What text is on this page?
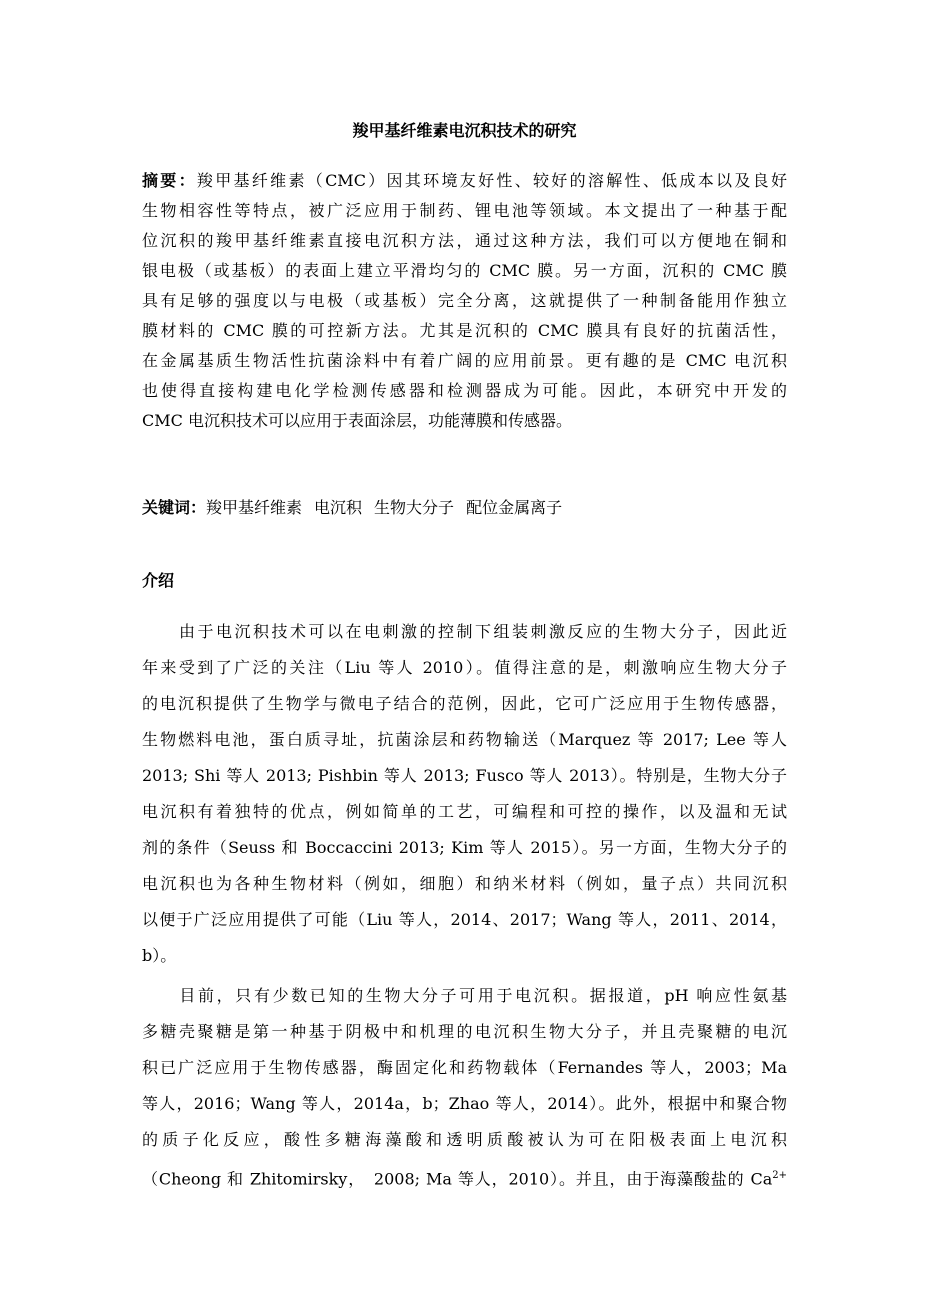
羧甲基纤维素电沉积技术的研究
摘要：羧甲基纤维素（CMC）因其环境友好性、较好的溶解性、低成本以及良好
生物相容性等特点，被广泛应用于制药、锂电池等领域。本文提出了一种基于配
位沉积的羧甲基纤维素直接电沉积方法，通过这种方法，我们可以方便地在铜和
银电极（或基板）的表面上建立平滑均匀的 CMC 膜。另一方面，沉积的 CMC 膜
具有足够的强度以与电极（或基板）完全分离，这就提供了一种制备能用作独立
膜材料的 CMC 膜的可控新方法。尤其是沉积的 CMC 膜具有良好的抗菌活性，
在金属基质生物活性抗菌涂料中有着广阔的应用前景。更有趣的是 CMC 电沉积
也使得直接构建电化学检测传感器和检测器成为可能。因此，本研究中开发的
CMC 电沉积技术可以应用于表面涂层，功能薄膜和传感器。
关键词：羧甲基纤维素 电沉积 生物大分子 配位金属离子
介绍
　　由于电沉积技术可以在电刺激的控制下组装刺激反应的生物大分子，因此近
年来受到了广泛的关注（Liu 等人 2010）。值得注意的是，刺激响应生物大分子
的电沉积提供了生物学与微电子结合的范例，因此，它可广泛应用于生物传感器，
生物燃料电池，蛋白质寻址，抗菌涂层和药物输送（Marquez 等 2017; Lee 等人
2013; Shi 等人 2013; Pishbin 等人 2013; Fusco 等人 2013）。特别是，生物大分子
电沉积有着独特的优点，例如简单的工艺，可编程和可控的操作，以及温和无试
剂的条件（Seuss 和 Boccaccini 2013; Kim 等人 2015）。另一方面，生物大分子的
电沉积也为各种生物材料（例如，细胞）和纳米材料（例如，量子点）共同沉积
以便于广泛应用提供了可能（Liu 等人，2014、2017；Wang 等人，2011、2014，
b）。
　　目前，只有少数已知的生物大分子可用于电沉积。据报道，pH 响应性氨基
多糖壳聚糖是第一种基于阴极中和机理的电沉积生物大分子，并且壳聚糖的电沉
积已广泛应用于生物传感器，酶固定化和药物载体（Fernandes 等人，2003；Ma
等人，2016；Wang 等人，2014a，b；Zhao 等人，2014）。此外，根据中和聚合物
的质子化反应，酸性多糖海藻酸和透明质酸被认为可在阳极表面上电沉积
（Cheong 和 Zhitomirsky，　2008; Ma 等人，2010）。并且，由于海藻酸盐的 $Ca^{2+}$
